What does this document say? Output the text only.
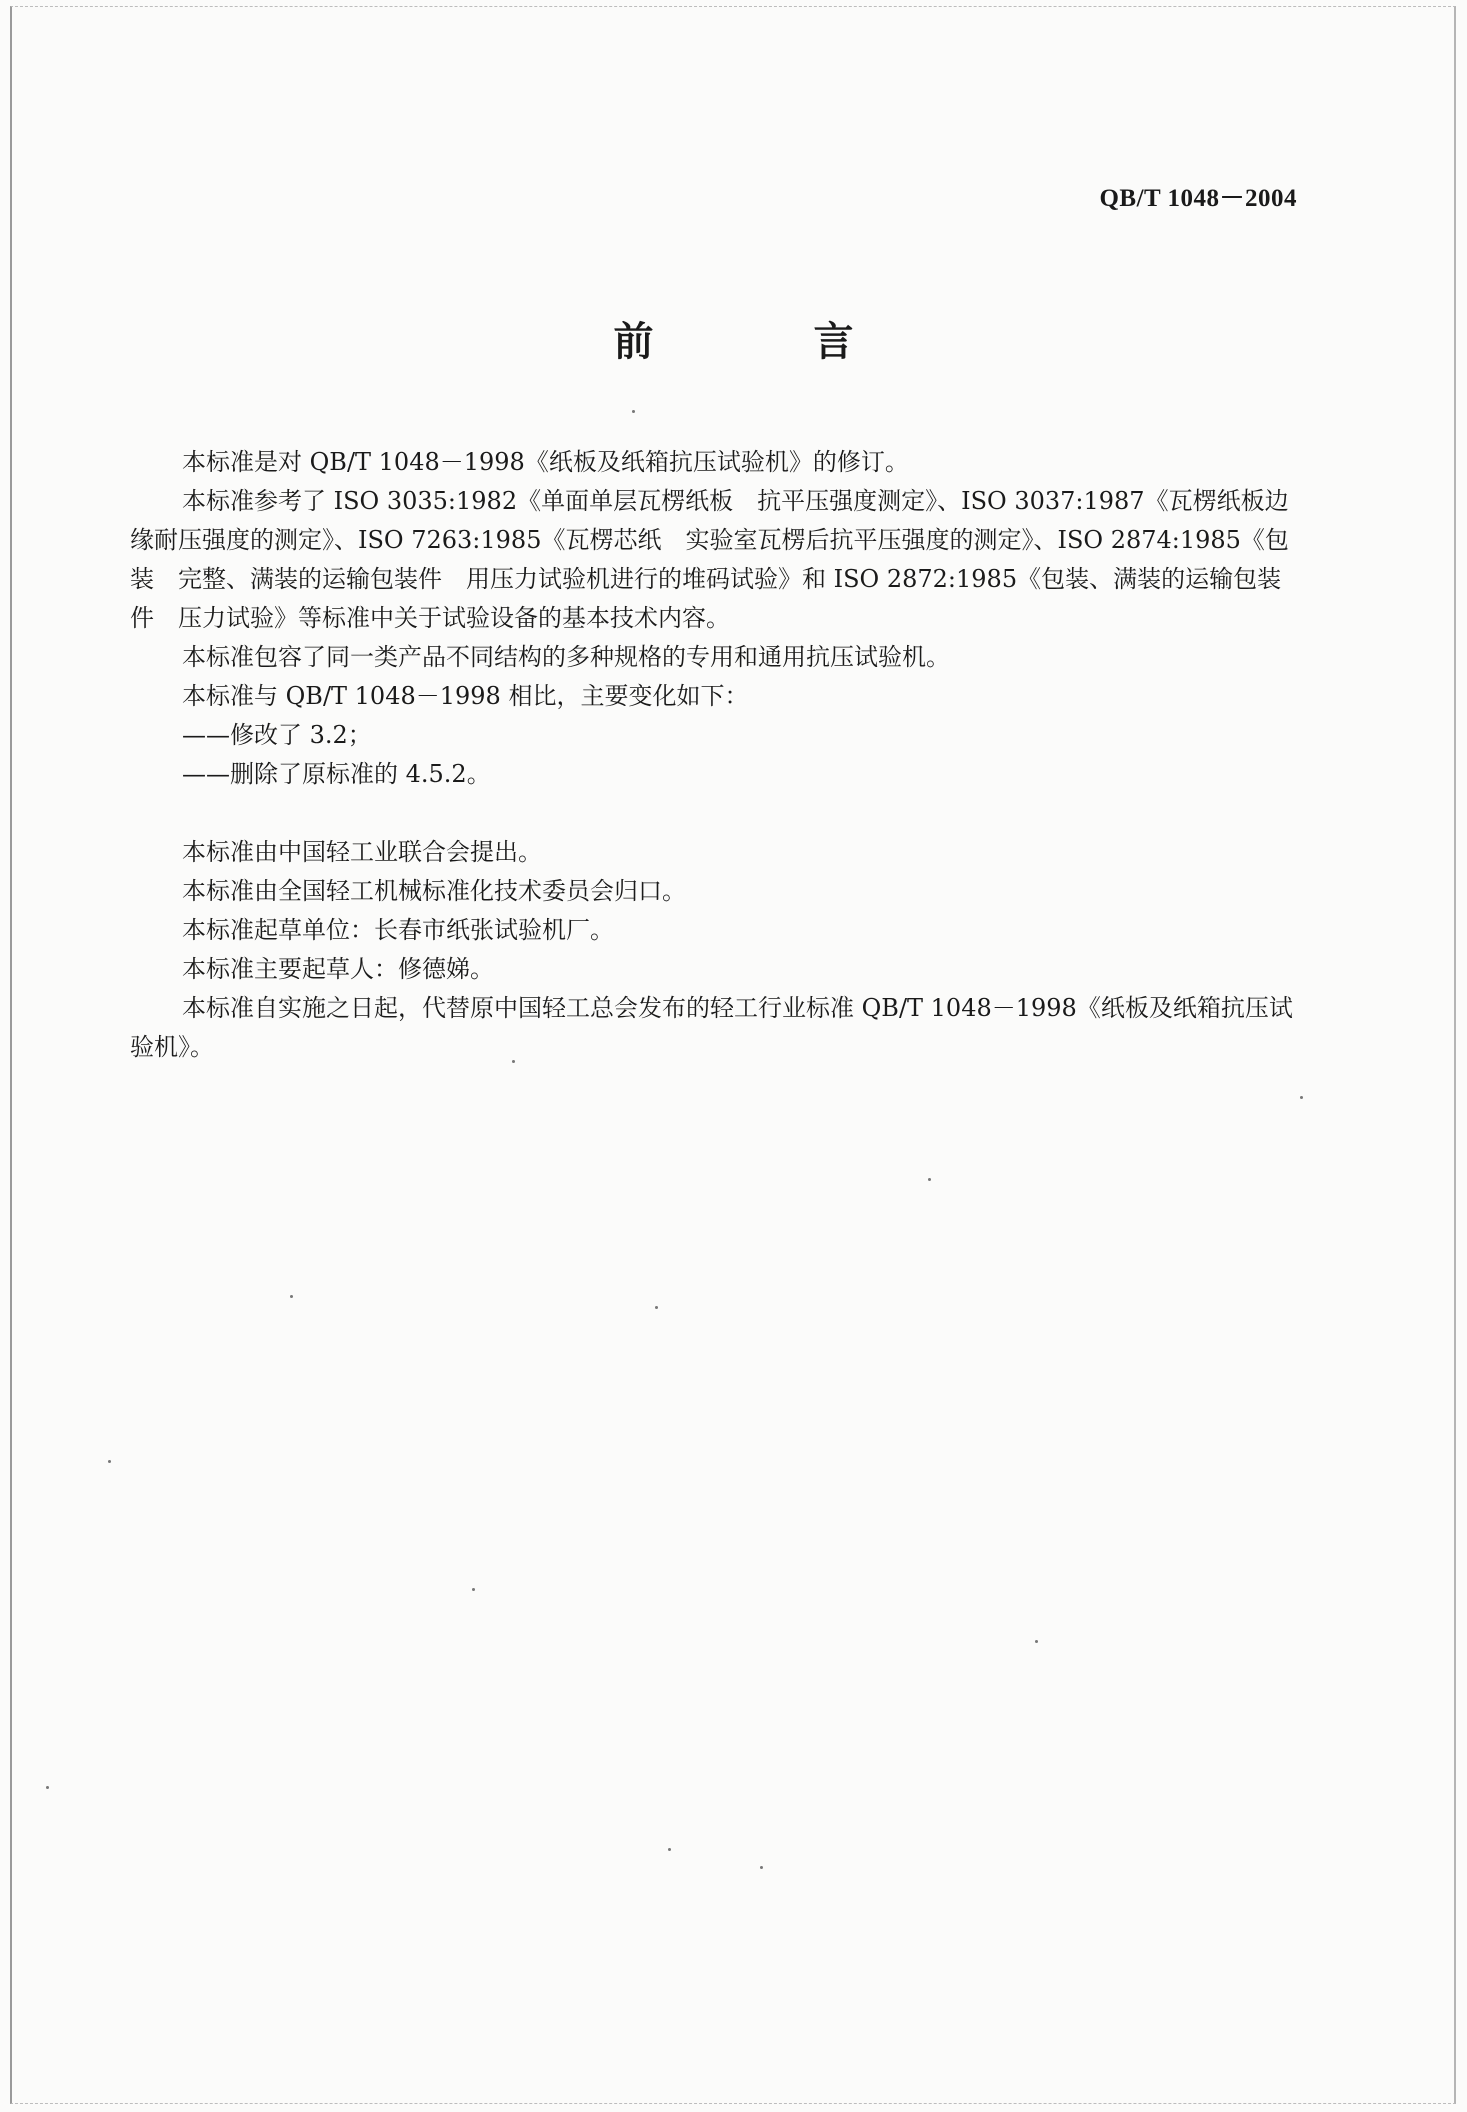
QB/T 1048－2004
前　言

本标准是对 QB/T 1048－1998《纸板及纸箱抗压试验机》的修订。

本标准参考了 ISO 3035:1982《单面单层瓦楞纸板　抗平压强度测定》、ISO 3037:1987《瓦楞纸板边缘耐压强度的测定》、ISO 7263:1985《瓦楞芯纸　实验室瓦楞后抗平压强度的测定》、ISO 2874:1985《包装　完整、满装的运输包装件　用压力试验机进行的堆码试验》和 ISO 2872:1985《包装、满装的运输包装件　压力试验》等标准中关于试验设备的基本技术内容。

本标准包容了同一类产品不同结构的多种规格的专用和通用抗压试验机。

本标准与 QB/T 1048－1998 相比，主要变化如下：

——修改了 3.2；

——删除了原标准的 4.5.2。

本标准由中国轻工业联合会提出。

本标准由全国轻工机械标准化技术委员会归口。

本标准起草单位：长春市纸张试验机厂。

本标准主要起草人：修德娣。

本标准自实施之日起，代替原中国轻工总会发布的轻工行业标准 QB/T 1048－1998《纸板及纸箱抗压试验机》。
